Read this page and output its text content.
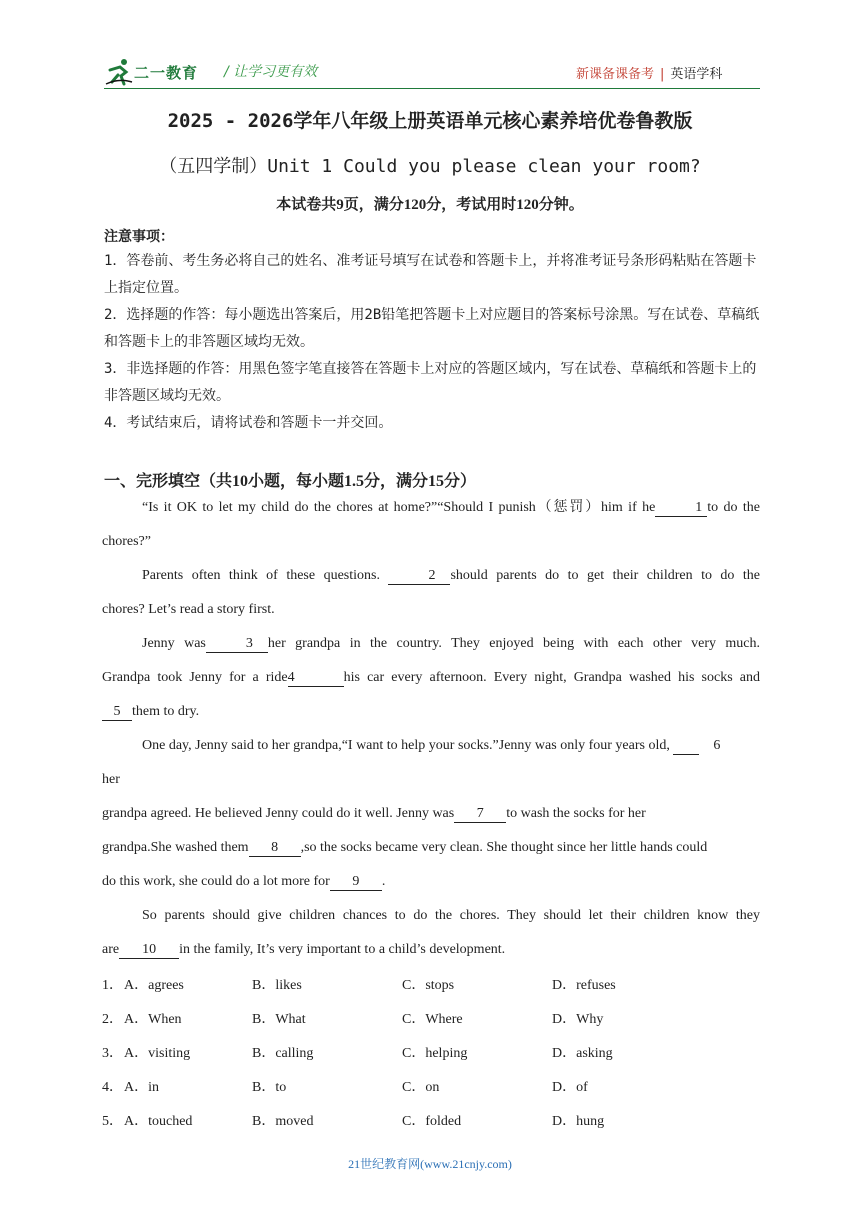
二一教育 / 让学习更有效	新课备课备考 | 英语学科
2025 - 2026学年八年级上册英语单元核心素养培优卷鲁教版
（五四学制）Unit 1 Could you please clean your room?
本试卷共9页，满分120分，考试用时120分钟。
注意事项：
1．答卷前、考生务必将自己的姓名、准考证号填写在试卷和答题卡上，并将准考证号条形码粘贴在答题卡上指定位置。
2．选择题的作答：每小题选出答案后，用2B铅笔把答题卡上对应题目的答案标号涂黑。写在试卷、草稿纸和答题卡上的非答题区域均无效。
3．非选择题的作答：用黑色签字笔直接答在答题卡上对应的答题区域内，写在试卷、草稿纸和答题卡上的非答题区域均无效。
4．考试结束后，请将试卷和答题卡一并交回。
一、完形填空（共10小题，每小题1.5分，满分15分）
“Is it OK to let my child do the chores at home?”“Should I punish（惩罚）him if he	1 to do the
chores?”
Parents often think of these questions.	2 should parents do to get their children to do the
chores? Let’s read a story first.
Jenny was	3 her grandpa in the country. They enjoyed being with each other very much.
Grandpa took Jenny for a ride4	his car every afternoon. Every night, Grandpa washed his socks and
5 them to dry.
One day, Jenny said to her grandpa,“I want to help your socks.”Jenny was only four years old,	6
her
grandpa agreed. He believed Jenny could do it well. Jenny was 7 to wash the socks for her
grandpa.She washed them 8 ,so the socks became very clean. She thought since her little hands could
do this work, she could do a lot more for 9 .
So parents should give children chances to do the chores. They should let their children know they
are 10 in the family, It’s very important to a child’s development.
1． A．agrees	B．likes	C．stops	D．refuses
2． A．When	B．What	C．Where	D．Why
3． A．visiting	B．calling	C．helping	D．asking
4． A．in	B．to	C．on	D．of
5． A．touched	B．moved	C．folded	D．hung
21世纪教育网(www.21cnjy.com)
